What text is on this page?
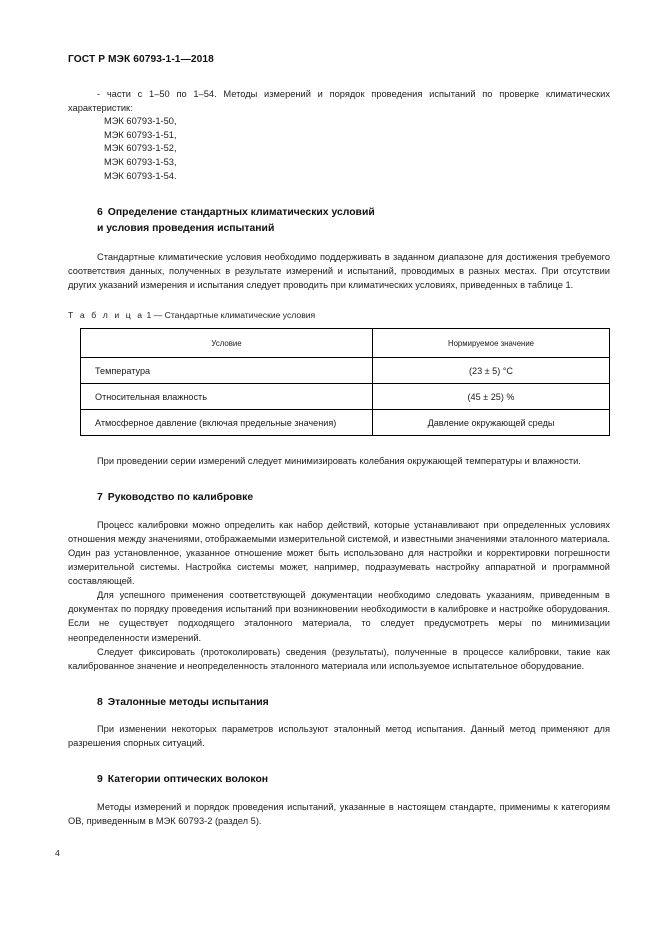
ГОСТ Р МЭК 60793-1-1—2018

- части с 1–50 по 1–54. Методы измерений и порядок проведения испытаний по проверке климатических характеристик:

МЭК 60793-1-50,
МЭК 60793-1-51,
МЭК 60793-1-52,
МЭК 60793-1-53,
МЭК 60793-1-54.
6 Определение стандартных климатических условий
и условия проведения испытаний

Стандартные климатические условия необходимо поддерживать в заданном диапазоне для достижения требуемого соответствия данных, полученных в результате измерений и испытаний, проводимых в разных местах. При отсутствии других указаний измерения и испытания следует проводить при климатических условиях, приведенных в таблице 1.

Т а б л и ц а 1 — Стандартные климатические условия

Условие	Нормируемое значение
Температура	(23 ± 5) °C
Относительная влажность	(45 ± 25) %
Атмосферное давление (включая предельные значения)	Давление окружающей среды

При проведении серии измерений следует минимизировать колебания окружающей температуры и влажности.

7 Руководство по калибровке

Процесс калибровки можно определить как набор действий, которые устанавливают при определенных условиях отношения между значениями, отображаемыми измерительной системой, и известными значениями эталонного материала. Один раз установленное, указанное отношение может быть использовано для настройки и корректировки погрешности измерительной системы. Настройка системы может, например, подразумевать настройку аппаратной и программной составляющей.

Для успешного применения соответствующей документации необходимо следовать указаниям, приведенным в документах по порядку проведения испытаний при возникновении необходимости в калибровке и настройке оборудования. Если не существует подходящего эталонного материала, то следует предусмотреть меры по минимизации неопределенности измерений.

Следует фиксировать (протоколировать) сведения (результаты), полученные в процессе калибровки, такие как калиброванное значение и неопределенность эталонного материала или используемое испытательное оборудование.

8 Эталонные методы испытания

При изменении некоторых параметров используют эталонный метод испытания. Данный метод применяют для разрешения спорных ситуаций.

9 Категории оптических волокон

Методы измерений и порядок проведения испытаний, указанные в настоящем стандарте, применимы к категориям ОВ, приведенным в МЭК 60793-2 (раздел 5).

4
